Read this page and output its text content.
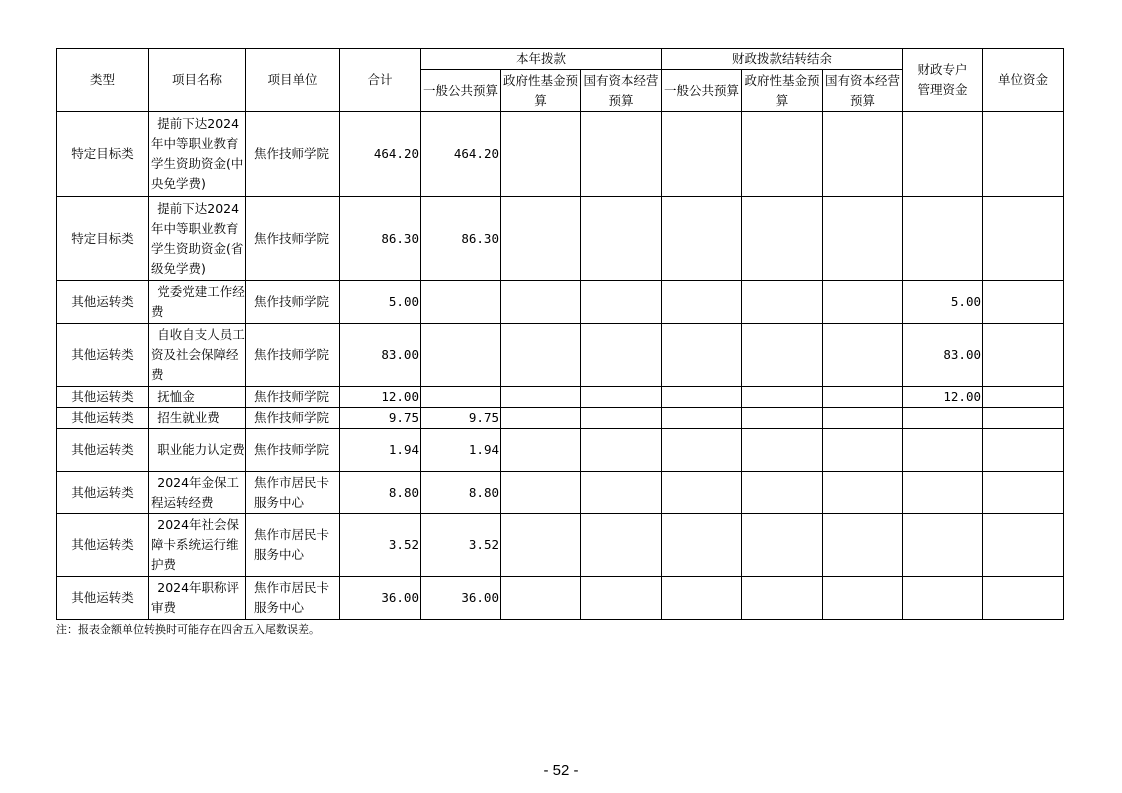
类型	项目名称	项目单位	合计	本年拨款			财政拨款结转结余			财政专户管理资金	单位资金
				一般公共预算	政府性基金预算	国有资本经营预算	一般公共预算	政府性基金预算	国有资本经营预算		
特定目标类	提前下达2024年中等职业教育学生资助资金(中央免学费)	焦作技师学院	464.20	464.20							
特定目标类	提前下达2024年中等职业教育学生资助资金(省级免学费)	焦作技师学院	86.30	86.30							
其他运转类	党委党建工作经费	焦作技师学院	5.00							5.00	
其他运转类	自收自支人员工资及社会保障经费	焦作技师学院	83.00							83.00	
其他运转类	抚恤金	焦作技师学院	12.00							12.00	
其他运转类	招生就业费	焦作技师学院	9.75	9.75							
其他运转类	职业能力认定费	焦作技师学院	1.94	1.94							
其他运转类	2024年金保工程运转经费	焦作市居民卡服务中心	8.80	8.80							
其他运转类	2024年社会保障卡系统运行维护费	焦作市居民卡服务中心	3.52	3.52							
其他运转类	2024年职称评审费	焦作市居民卡服务中心	36.00	36.00							
注：报表金额单位转换时可能存在四舍五入尾数误差。
- 52 -
